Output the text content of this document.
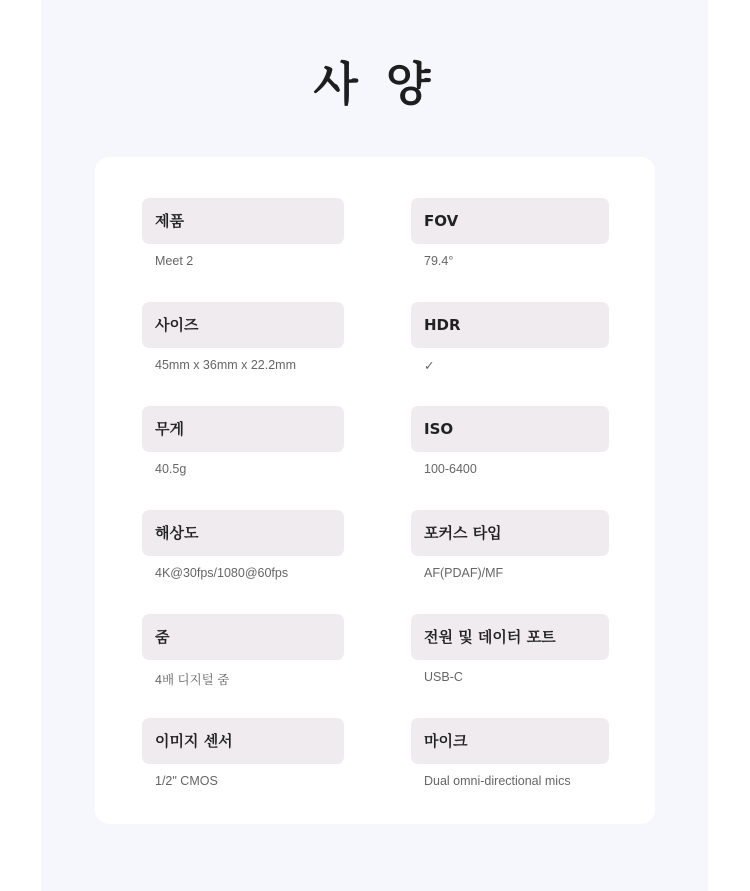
사 양
제품
Meet 2
FOV
79.4°
사이즈
45mm x 36mm x 22.2mm
HDR
✓
무게
40.5g
ISO
100-6400
해상도
4K@30fps/1080@60fps
포커스 타입
AF(PDAF)/MF
줌
4배 디지털 줌
전원 및 데이터 포트
USB-C
이미지 센서
1/2" CMOS
마이크
Dual omni-directional mics
